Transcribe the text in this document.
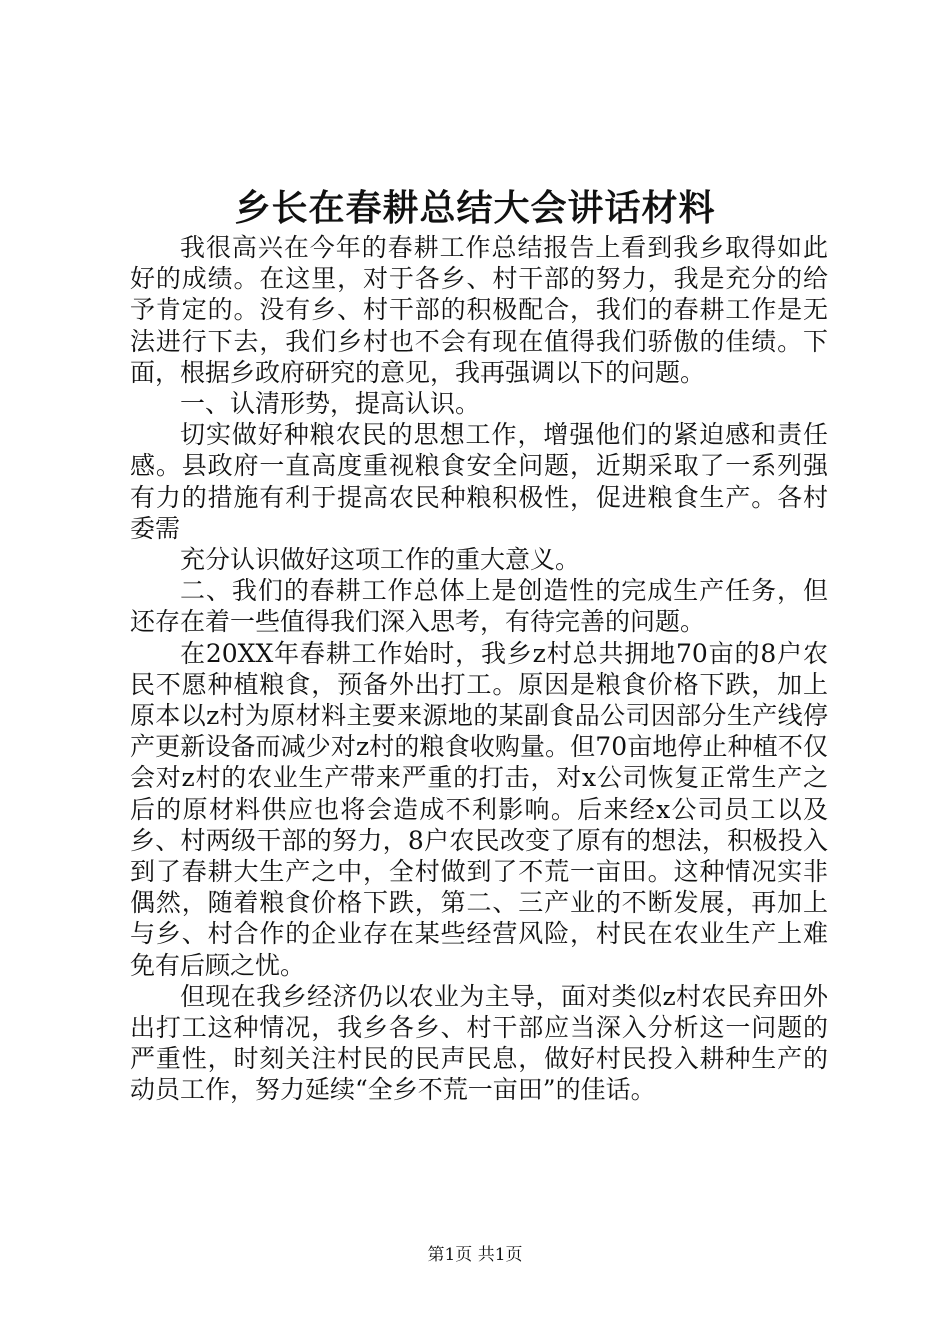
乡长在春耕总结大会讲话材料

我很高兴在今年的春耕工作总结报告上看到我乡取得如此好的成绩。在这里，对于各乡、村干部的努力，我是充分的给予肯定的。没有乡、村干部的积极配合，我们的春耕工作是无法进行下去，我们乡村也不会有现在值得我们骄傲的佳绩。下面，根据乡政府研究的意见，我再强调以下的问题。

一、认清形势，提高认识。

切实做好种粮农民的思想工作，增强他们的紧迫感和责任感。县政府一直高度重视粮食安全问题，近期采取了一系列强有力的措施有利于提高农民种粮积极性，促进粮食生产。各村委需

充分认识做好这项工作的重大意义。

二、我们的春耕工作总体上是创造性的完成生产任务，但还存在着一些值得我们深入思考，有待完善的问题。

在20XX年春耕工作始时，我乡z村总共拥地70亩的8户农民不愿种植粮食，预备外出打工。原因是粮食价格下跌，加上原本以z村为原材料主要来源地的某副食品公司因部分生产线停产更新设备而减少对z村的粮食收购量。但70亩地停止种植不仅会对z村的农业生产带来严重的打击，对x公司恢复正常生产之后的原材料供应也将会造成不利影响。后来经x公司员工以及乡、村两级干部的努力，8户农民改变了原有的想法，积极投入到了春耕大生产之中，全村做到了不荒一亩田。这种情况实非偶然，随着粮食价格下跌，第二、三产业的不断发展，再加上与乡、村合作的企业存在某些经营风险，村民在农业生产上难免有后顾之忧。

但现在我乡经济仍以农业为主导，面对类似z村农民弃田外出打工这种情况，我乡各乡、村干部应当深入分析这一问题的严重性，时刻关注村民的民声民息，做好村民投入耕种生产的动员工作，努力延续“全乡不荒一亩田”的佳话。

第1页 共1页
